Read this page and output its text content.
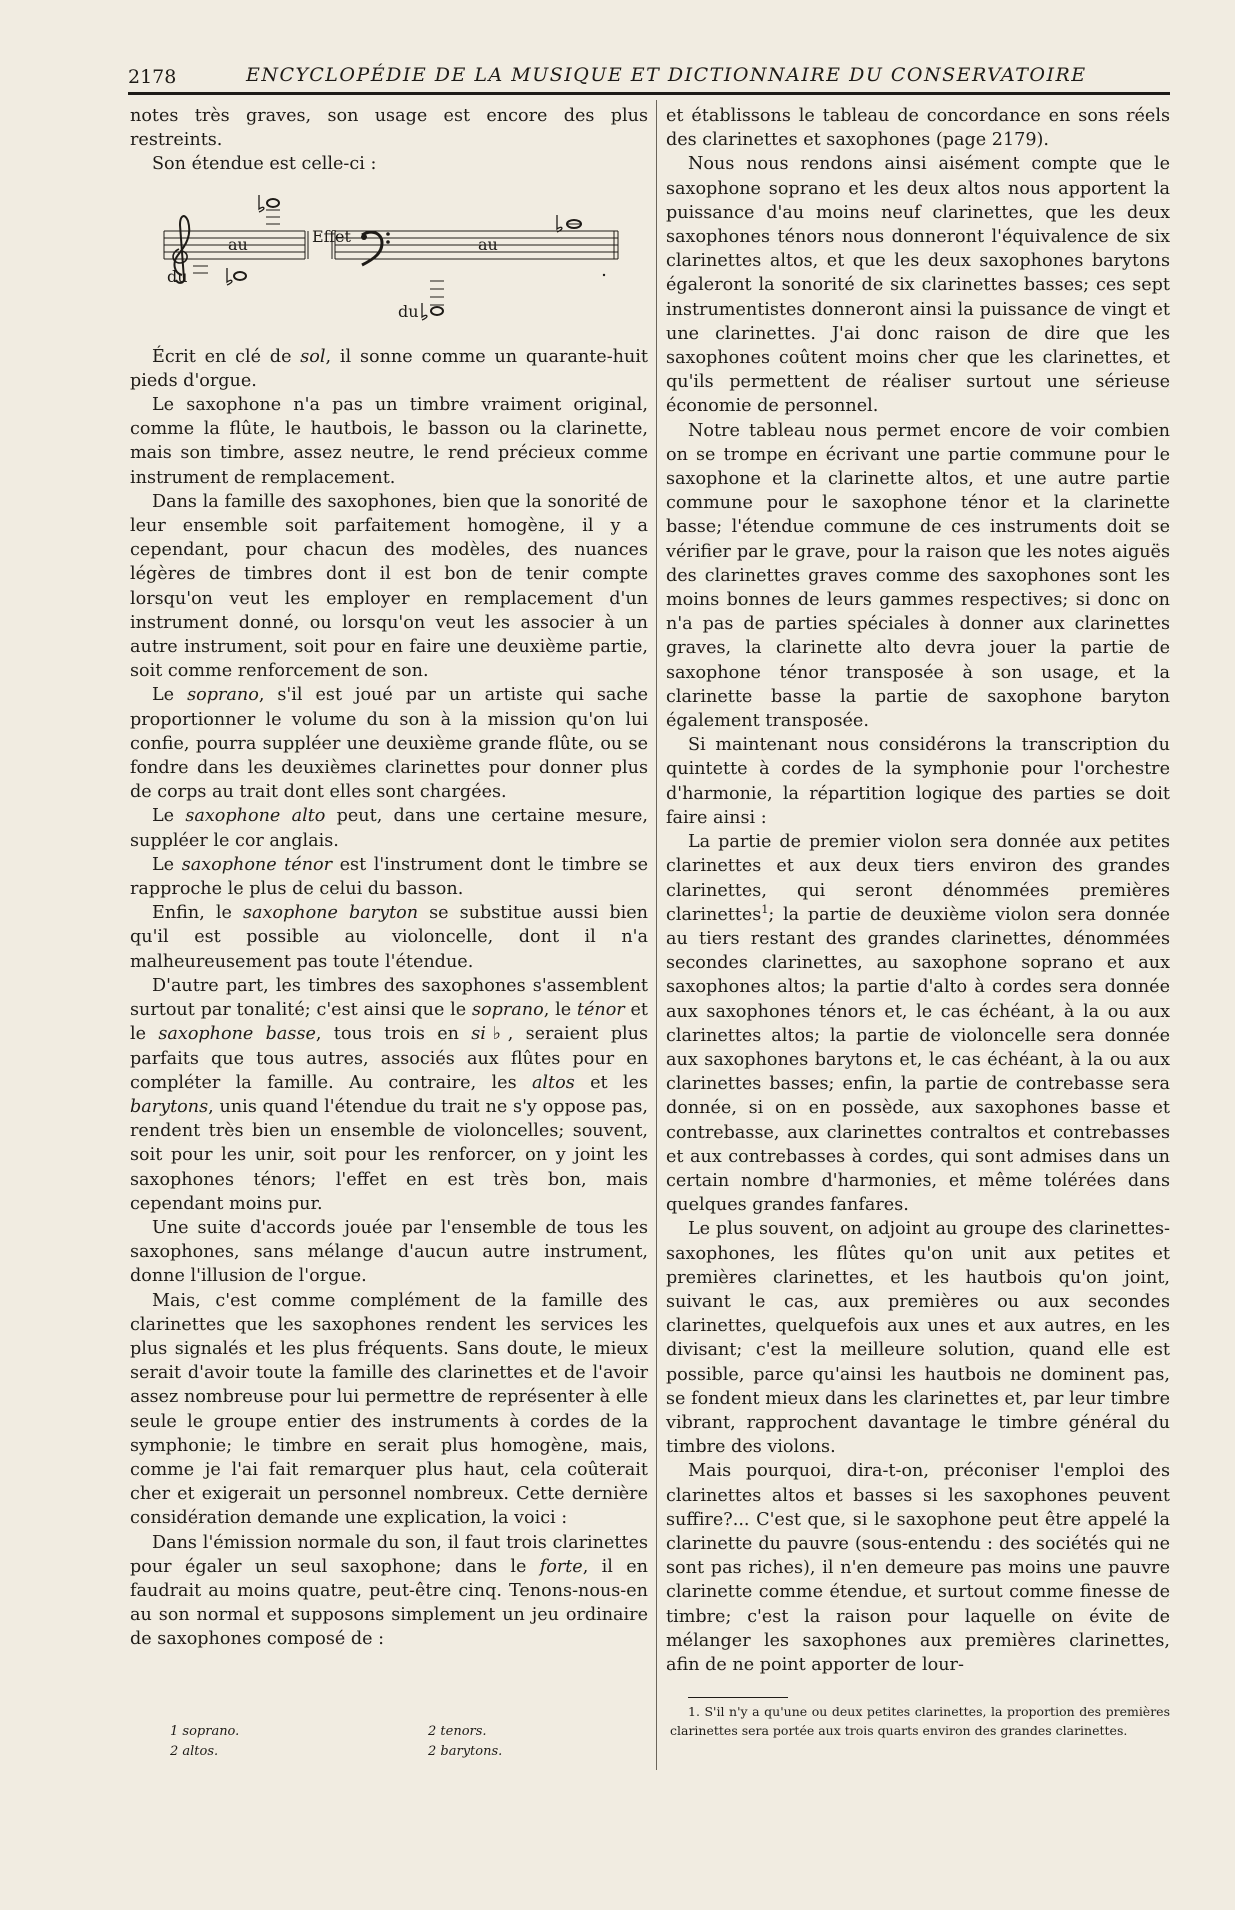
2178	ENCYCLOPÉDIE DE LA MUSIQUE ET DICTIONNAIRE DU CONSERVATOIRE

notes très graves, son usage est encore des plus restreints.

Son étendue est celle-ci :

au	Effet	au
du
du

Écrit en clé de sol, il sonne comme un quarante-huit pieds d'orgue.

Le saxophone n'a pas un timbre vraiment original, comme la flûte, le hautbois, le basson ou la clarinette, mais son timbre, assez neutre, le rend précieux comme instrument de remplacement.

Dans la famille des saxophones, bien que la sonorité de leur ensemble soit parfaitement homogène, il y a cependant, pour chacun des modèles, des nuances légères de timbres dont il est bon de tenir compte lorsqu'on veut les employer en remplacement d'un instrument donné, ou lorsqu'on veut les associer à un autre instrument, soit pour en faire une deuxième partie, soit comme renforcement de son.

Le soprano, s'il est joué par un artiste qui sache proportionner le volume du son à la mission qu'on lui confie, pourra suppléer une deuxième grande flûte, ou se fondre dans les deuxièmes clarinettes pour donner plus de corps au trait dont elles sont chargées.

Le saxophone alto peut, dans une certaine mesure, suppléer le cor anglais.

Le saxophone ténor est l'instrument dont le timbre se rapproche le plus de celui du basson.

Enfin, le saxophone baryton se substitue aussi bien qu'il est possible au violoncelle, dont il n'a malheureusement pas toute l'étendue.

D'autre part, les timbres des saxophones s'assemblent surtout par tonalité; c'est ainsi que le soprano, le ténor et le saxophone basse, tous trois en si♭, seraient plus parfaits que tous autres, associés aux flûtes pour en compléter la famille. Au contraire, les altos et les barytons, unis quand l'étendue du trait ne s'y oppose pas, rendent très bien un ensemble de violoncelles; souvent, soit pour les unir, soit pour les renforcer, on y joint les saxophones ténors; l'effet en est très bon, mais cependant moins pur.

Une suite d'accords jouée par l'ensemble de tous les saxophones, sans mélange d'aucun autre instrument, donne l'illusion de l'orgue.

Mais, c'est comme complément de la famille des clarinettes que les saxophones rendent les services les plus signalés et les plus fréquents. Sans doute, le mieux serait d'avoir toute la famille des clarinettes et de l'avoir assez nombreuse pour lui permettre de représenter à elle seule le groupe entier des instruments à cordes de la symphonie; le timbre en serait plus homogène, mais, comme je l'ai fait remarquer plus haut, cela coûterait cher et exigerait un personnel nombreux. Cette dernière considération demande une explication, la voici :

Dans l'émission normale du son, il faut trois clarinettes pour égaler un seul saxophone; dans le forte, il en faudrait au moins quatre, peut-être cinq. Tenons-nous-en au son normal et supposons simplement un jeu ordinaire de saxophones composé de :

1 soprano.	2 tenors.
2 altos.	2 barytons.

et établissons le tableau de concordance en sons réels des clarinettes et saxophones (page 2179).

Nous nous rendons ainsi aisément compte que le saxophone soprano et les deux altos nous apportent la puissance d'au moins neuf clarinettes, que les deux saxophones ténors nous donneront l'équivalence de six clarinettes altos, et que les deux saxophones barytons égaleront la sonorité de six clarinettes basses; ces sept instrumentistes donneront ainsi la puissance de vingt et une clarinettes. J'ai donc raison de dire que les saxophones coûtent moins cher que les clarinettes, et qu'ils permettent de réaliser surtout une sérieuse économie de personnel.

Notre tableau nous permet encore de voir combien on se trompe en écrivant une partie commune pour le saxophone et la clarinette altos, et une autre partie commune pour le saxophone ténor et la clarinette basse; l'étendue commune de ces instruments doit se vérifier par le grave, pour la raison que les notes aiguës des clarinettes graves comme des saxophones sont les moins bonnes de leurs gammes respectives; si donc on n'a pas de parties spéciales à donner aux clarinettes graves, la clarinette alto devra jouer la partie de saxophone ténor transposée à son usage, et la clarinette basse la partie de saxophone baryton également transposée.

Si maintenant nous considérons la transcription du quintette à cordes de la symphonie pour l'orchestre d'harmonie, la répartition logique des parties se doit faire ainsi :

La partie de premier violon sera donnée aux petites clarinettes et aux deux tiers environ des grandes clarinettes, qui seront dénommées premières clarinettes$^1$; la partie de deuxième violon sera donnée au tiers restant des grandes clarinettes, dénommées secondes clarinettes, au saxophone soprano et aux saxophones altos; la partie d'alto à cordes sera donnée aux saxophones ténors et, le cas échéant, à la ou aux clarinettes altos; la partie de violoncelle sera donnée aux saxophones barytons et, le cas échéant, à la ou aux clarinettes basses; enfin, la partie de contrebasse sera donnée, si on en possède, aux saxophones basse et contrebasse, aux clarinettes contraltos et contrebasses et aux contrebasses à cordes, qui sont admises dans un certain nombre d'harmonies, et même tolérées dans quelques grandes fanfares.

Le plus souvent, on adjoint au groupe des clarinettes-saxophones, les flûtes qu'on unit aux petites et premières clarinettes, et les hautbois qu'on joint, suivant le cas, aux premières ou aux secondes clarinettes, quelquefois aux unes et aux autres, en les divisant; c'est la meilleure solution, quand elle est possible, parce qu'ainsi les hautbois ne dominent pas, se fondent mieux dans les clarinettes et, par leur timbre vibrant, rapprochent davantage le timbre général du timbre des violons.

Mais pourquoi, dira-t-on, préconiser l'emploi des clarinettes altos et basses si les saxophones peuvent suffire?... C'est que, si le saxophone peut être appelé la clarinette du pauvre (sous-entendu : des sociétés qui ne sont pas riches), il n'en demeure pas moins une pauvre clarinette comme étendue, et surtout comme finesse de timbre; c'est la raison pour laquelle on évite de mélanger les saxophones aux premières clarinettes, afin de ne point apporter de lour-

1. S'il n'y a qu'une ou deux petites clarinettes, la proportion des premières clarinettes sera portée aux trois quarts environ des grandes clarinettes.
